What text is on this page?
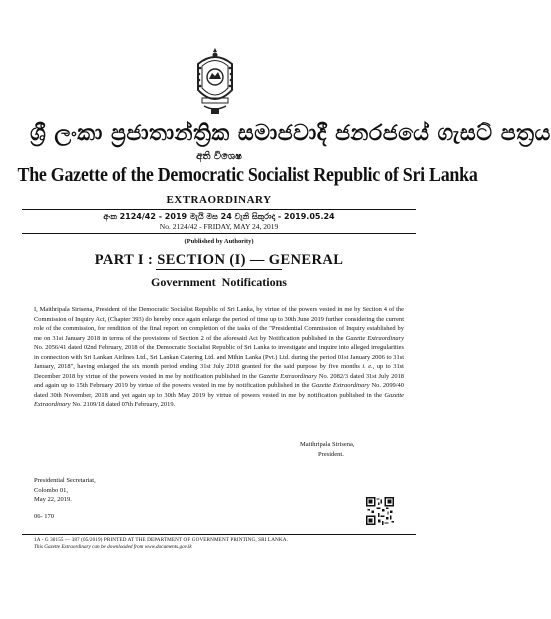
ශ්‍රී ලංකා ප්‍රජාතාන්ත්‍රික සමාජවාදී ජනරජයේ ගැසට් පත්‍රය
අති විශෙෂ
The Gazette of the Democratic Socialist Republic of Sri Lanka
EXTRAORDINARY
අංක 2124/42 - 2019 මැයි මස 24 වැනි සිකුරාදා - 2019.05.24
No. 2124/42 - FRIDAY, MAY 24, 2019
(Published by Authority)
PART I : SECTION (I) — GENERAL
Government Notifications

I, Maithripala Sirisena, President of the Democratic Socialist Republic of Sri Lanka, by virtue of the powers vested in me by Section 4 of the Commission of Inquiry Act, (Chapter 393) do hereby once again enlarge the period of time up to 30th June 2019 further considering the current role of the commission, for rendition of the final report on completion of the tasks of the "Presidential Commission of Inquiry established by me on 31st January 2018 in terms of the provisions of Section 2 of the aforesaid Act by Notification published in the Gazette Extraordinary No. 2056/41 dated 02nd February, 2018 of the Democratic Socialist Republic of Sri Lanka to investigate and inquire into alleged irregularities in connection with Sri Lankan Airlines Ltd., Sri Lankan Catering Ltd. and Mihin Lanka (Pvt.) Ltd. during the period 01st January 2006 to 31st January, 2018", having enlarged the six month period ending 31st July 2018 granted for the said purpose by five months i. e., up to 31st December 2018 by virtue of the powers vested in me by notification published in the Gazette Extraordinary No. 2082/3 dated 31st July 2018 and again up to 15th February 2019 by virtue of the powers vested in me by notification published in the Gazette Extraordinary No. 2099/40 dated 30th November, 2018 and yet again up to 30th May 2019 by virtue of powers vested in me by notification published in the Gazette Extraordinary No. 2109/18 dated 07th February, 2019.

Maithripala Sirisena,
President.
Presidential Secretariat,
Colombo 01,
May 22, 2019.
06- 170
1A - G 30155 — 387 (05/2019) PRINTED AT THE DEPARTMENT OF GOVERNMENT PRINTING, SRI LANKA.
This Gazette Extraordinary can be downloaded from www.documents.gov.lk
